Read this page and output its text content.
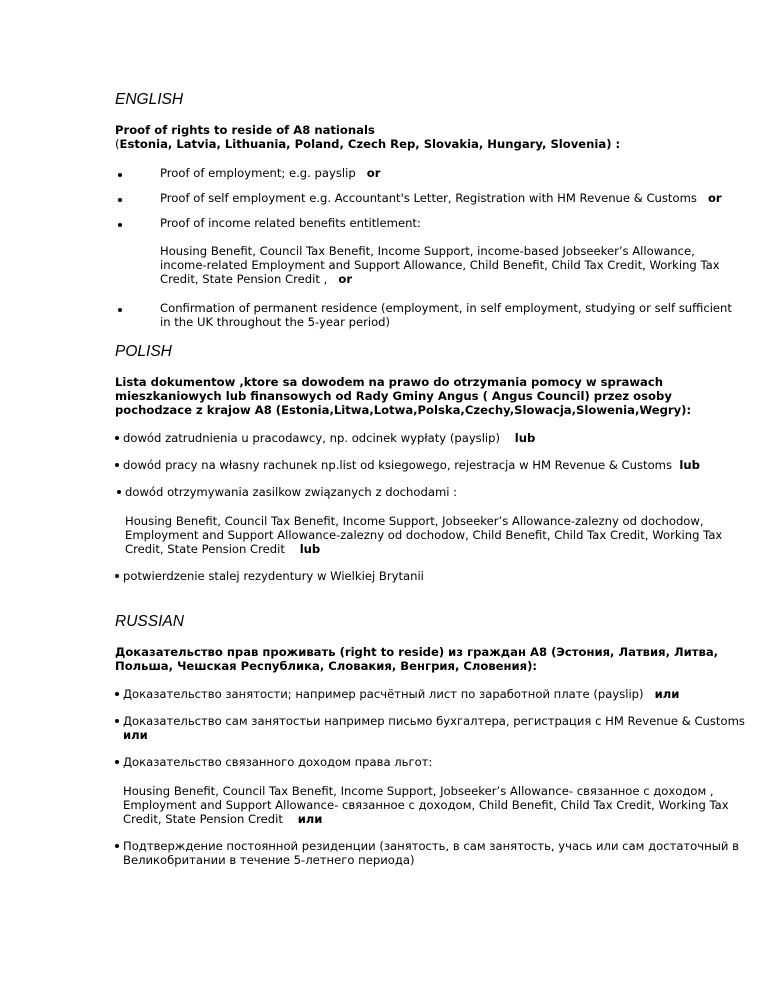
ENGLISH
Proof of rights to reside of A8 nationals
(Estonia, Latvia, Lithuania, Poland, Czech Rep, Slovakia, Hungary, Slovenia) :
Proof of employment; e.g. payslip or
Proof of self employment e.g. Accountant's Letter, Registration with HM Revenue & Customs or
Proof of income related benefits entitlement:
Housing Benefit, Council Tax Benefit, Income Support, income-based Jobseeker’s Allowance,
income-related Employment and Support Allowance, Child Benefit, Child Tax Credit, Working Tax
Credit, State Pension Credit , or
Confirmation of permanent residence (employment, in self employment, studying or self sufficient
in the UK throughout the 5-year period)
POLISH
Lista dokumentow ,ktore sa dowodem na prawo do otrzymania pomocy w sprawach
mieszkaniowych lub finansowych od Rady Gminy Angus ( Angus Council) przez osoby
pochodzace z krajow A8 (Estonia,Litwa,Lotwa,Polska,Czechy,Slowacja,Slowenia,Wegry):
dowód zatrudnienia u pracodawcy, np. odcinek wypłaty (payslip) lub
dowód pracy na własny rachunek np.list od ksiegowego, rejestracja w HM Revenue & Customs lub
dowód otrzymywania zasilkow związanych z dochodami :
Housing Benefit, Council Tax Benefit, Income Support, Jobseeker’s Allowance-zalezny od dochodow,
Employment and Support Allowance-zalezny od dochodow, Child Benefit, Child Tax Credit, Working Tax
Credit, State Pension Credit lub
potwierdzenie stalej rezydentury w Wielkiej Brytanii
RUSSIAN
Доказательство прав проживать (right to reside) из граждан А8 (Эстония, Латвия, Литва,
Польша, Чешская Республика, Словакия, Венгрия, Словения):
Доказательство занятости; например расчётный лист по заработной плате (payslip) или
Доказательство сам занятостьи например письмо бухгалтера, регистрация с HM Revenue & Customs
или
Доказательство связанного доходом права льгот:
Housing Benefit, Council Tax Benefit, Income Support, Jobseeker’s Allowance- связанное с доходом ,
Employment and Support Allowance- связанное с доходом, Child Benefit, Child Tax Credit, Working Tax
Credit, State Pension Credit или
Подтверждение постоянной резиденции (занятость, в сам занятость, учась или сам достаточный в
Великобритании в течение 5-летнего периода)
